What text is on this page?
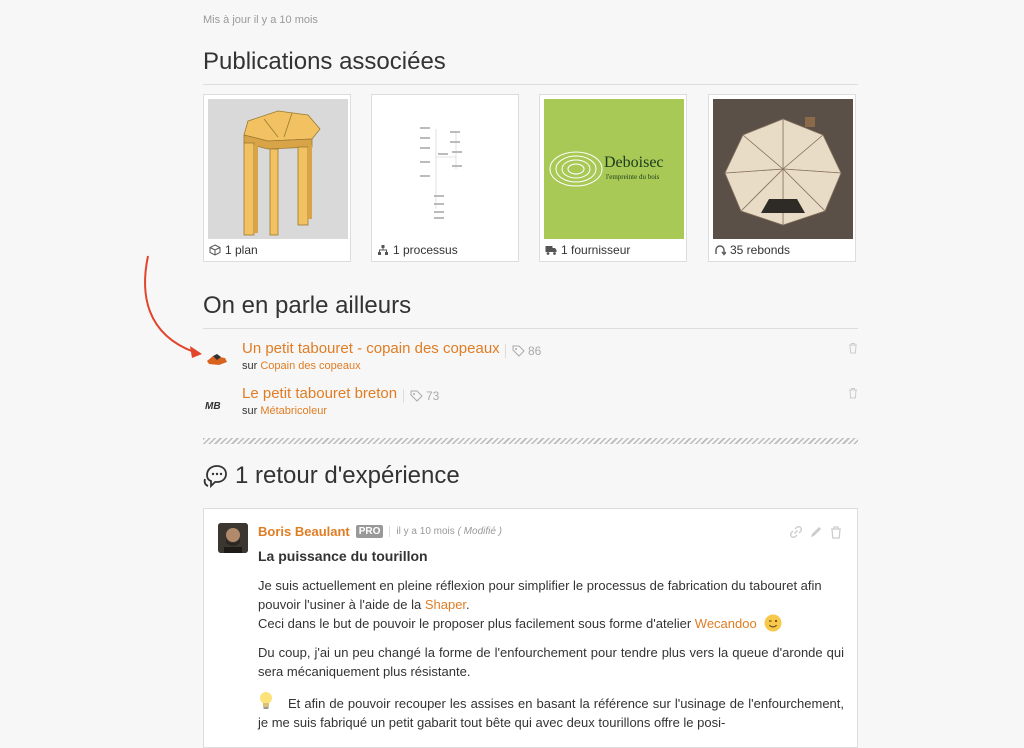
Mis à jour il y a 10 mois
Publications associées
1 plan	1 processus
Deboisec
l'empreinte du bois
1 fournisseur	35 rebonds
On en parle ailleurs
Un petit tabouret - copain des copeaux 86
sur Copain des copeaux
MB
Le petit tabouret breton 73
sur Métabricoleur
1 retour d'expérience
Boris Beaulant PRO	il y a 10 mois ( Modifié )
La puissance du tourillon

Je suis actuellement en pleine réflexion pour simplifier le processus de fabrication du tabouret afin pouvoir l'usiner à l'aide de la Shaper.
Ceci dans le but de pouvoir le proposer plus facilement sous forme d'atelier Wecandoo

Du coup, j'ai un peu changé la forme de l'enfourchement pour tendre plus vers la queue d'aronde qui sera mécaniquement plus résistante.

Et afin de pouvoir recouper les assises en basant la référence sur l'usinage de l'enfourchement, je me suis fabriqué un petit gabarit tout bête qui avec deux tourillons offre le posi-
